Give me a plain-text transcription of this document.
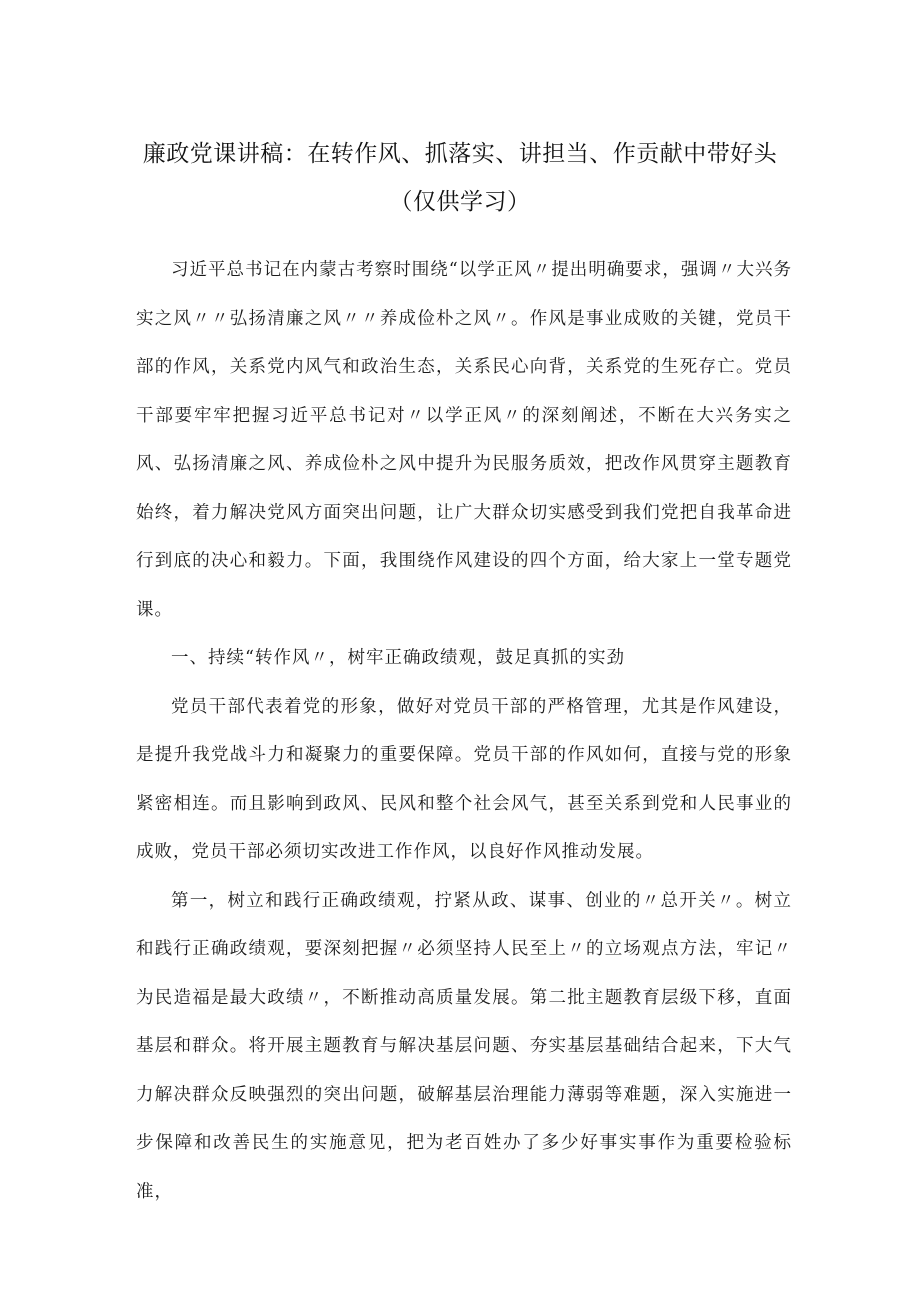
廉政党课讲稿：在转作风、抓落实、讲担当、作贡献中带好头（仅供学习）

习近平总书记在内蒙古考察时围绕“以学正风〃提出明确要求，强调〃大兴务实之风〃〃弘扬清廉之风〃〃养成俭朴之风〃。作风是事业成败的关键，党员干部的作风，关系党内风气和政治生态，关系民心向背，关系党的生死存亡。党员干部要牢牢把握习近平总书记对〃以学正风〃的深刻阐述，不断在大兴务实之风、弘扬清廉之风、养成俭朴之风中提升为民服务质效，把改作风贯穿主题教育始终，着力解决党风方面突出问题，让广大群众切实感受到我们党把自我革命进行到底的决心和毅力。下面，我围绕作风建设的四个方面，给大家上一堂专题党课。

一、持续“转作风〃，树牢正确政绩观，鼓足真抓的实劲

党员干部代表着党的形象，做好对党员干部的严格管理，尤其是作风建设，是提升我党战斗力和凝聚力的重要保障。党员干部的作风如何，直接与党的形象紧密相连。而且影响到政风、民风和整个社会风气，甚至关系到党和人民事业的成败，党员干部必须切实改进工作作风，以良好作风推动发展。

第一，树立和践行正确政绩观，拧紧从政、谋事、创业的〃总开关〃。树立和践行正确政绩观，要深刻把握〃必须坚持人民至上〃的立场观点方法，牢记〃为民造福是最大政绩〃，不断推动高质量发展。第二批主题教育层级下移，直面基层和群众。将开展主题教育与解决基层问题、夯实基层基础结合起来，下大气力解决群众反映强烈的突出问题，破解基层治理能力薄弱等难题，深入实施进一步保障和改善民生的实施意见，把为老百姓办了多少好事实事作为重要检验标准，
